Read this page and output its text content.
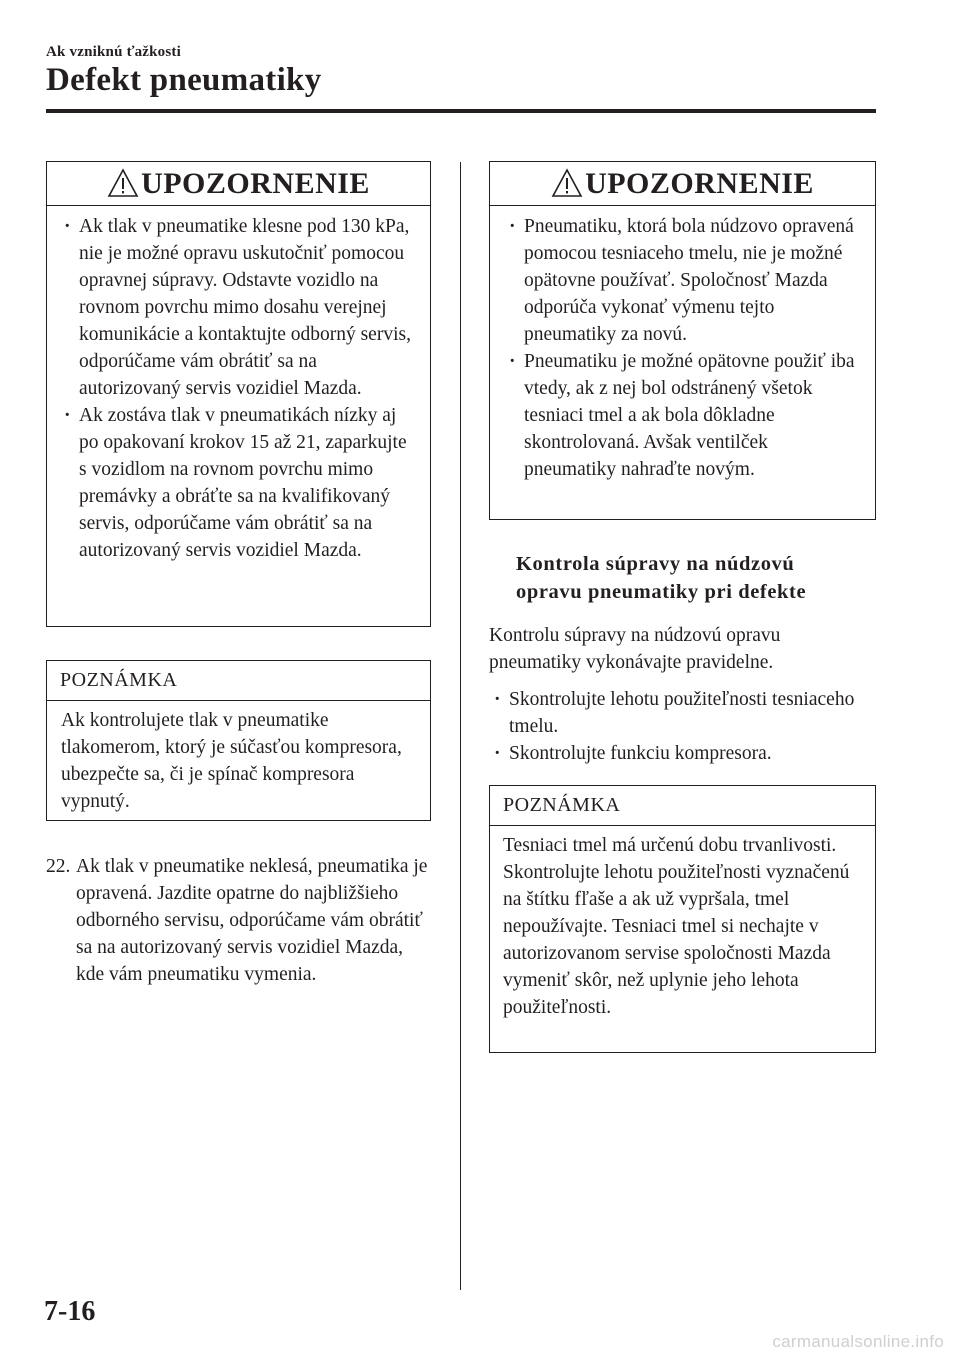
Ak vzniknú ťažkosti
Defekt pneumatiky
UPOZORNENIE
· Ak tlak v pneumatike klesne pod 130 kPa, nie je možné opravu uskutočniť pomocou opravnej súpravy. Odstavte vozidlo na rovnom povrchu mimo dosahu verejnej komunikácie a kontaktujte odborný servis, odporúčame vám obrátiť sa na autorizovaný servis vozidiel Mazda.
· Ak zostáva tlak v pneumatikách nízky aj po opakovaní krokov 15 až 21, zaparkujte s vozidlom na rovnom povrchu mimo premávky a obráťte sa na kvalifikovaný servis, odporúčame vám obrátiť sa na autorizovaný servis vozidiel Mazda.
POZNÁMKA
Ak kontrolujete tlak v pneumatike tlakomerom, ktorý je súčasťou kompresora, ubezpečte sa, či je spínač kompresora vypnutý.
22. Ak tlak v pneumatike neklesá, pneumatika je opravená. Jazdite opatrne do najbližšieho odborného servisu, odporúčame vám obrátiť sa na autorizovaný servis vozidiel Mazda, kde vám pneumatiku vymenia.
UPOZORNENIE
· Pneumatiku, ktorá bola núdzovo opravená pomocou tesniaceho tmelu, nie je možné opätovne používať. Spoločnosť Mazda odporúča vykonať výmenu tejto pneumatiky za novú.
· Pneumatiku je možné opätovne použiť iba vtedy, ak z nej bol odstránený všetok tesniaci tmel a ak bola dôkladne skontrolovaná. Avšak ventilček pneumatiky nahraďte novým.
Kontrola súpravy na núdzovú opravu pneumatiky pri defekte
Kontrolu súpravy na núdzovú opravu pneumatiky vykonávajte pravidelne.
· Skontrolujte lehotu použiteľnosti tesniaceho tmelu.
· Skontrolujte funkciu kompresora.
POZNÁMKA
Tesniaci tmel má určenú dobu trvanlivosti. Skontrolujte lehotu použiteľnosti vyznačenú na štítku fľaše a ak už vypršala, tmel nepoužívajte. Tesniaci tmel si nechajte v autorizovanom servise spoločnosti Mazda vymeniť skôr, než uplynie jeho lehota použiteľnosti.
7-16
carmanualsonline.info
